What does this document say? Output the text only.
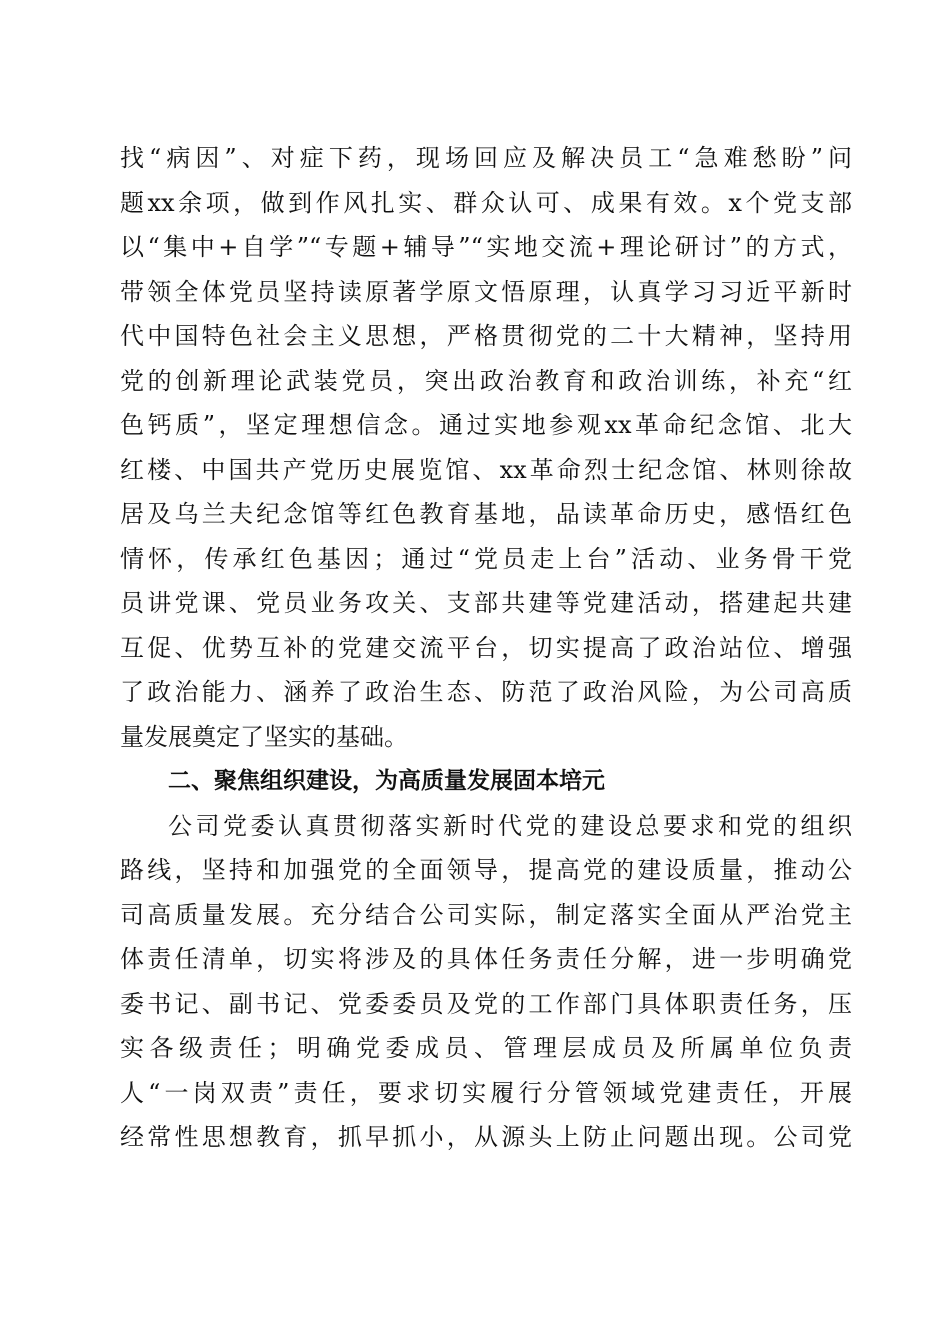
找“病因”、对症下药，现场回应及解决员工“急难愁盼”问
题xx余项，做到作风扎实、群众认可、成果有效。x个党支部
以“集中+自学”“专题+辅导”“实地交流+理论研讨”的方式，
带领全体党员坚持读原著学原文悟原理，认真学习习近平新时
代中国特色社会主义思想，严格贯彻党的二十大精神，坚持用
党的创新理论武装党员，突出政治教育和政治训练，补充“红
色钙质”，坚定理想信念。通过实地参观xx革命纪念馆、北大
红楼、中国共产党历史展览馆、xx革命烈士纪念馆、林则徐故
居及乌兰夫纪念馆等红色教育基地，品读革命历史，感悟红色
情怀，传承红色基因；通过“党员走上台”活动、业务骨干党
员讲党课、党员业务攻关、支部共建等党建活动，搭建起共建
互促、优势互补的党建交流平台，切实提高了政治站位、增强
了政治能力、涵养了政治生态、防范了政治风险，为公司高质
量发展奠定了坚实的基础。
二、聚焦组织建设，为高质量发展固本培元
公司党委认真贯彻落实新时代党的建设总要求和党的组织
路线，坚持和加强党的全面领导，提高党的建设质量，推动公
司高质量发展。充分结合公司实际，制定落实全面从严治党主
体责任清单，切实将涉及的具体任务责任分解，进一步明确党
委书记、副书记、党委委员及党的工作部门具体职责任务，压
实各级责任；明确党委成员、管理层成员及所属单位负责
人“一岗双责”责任，要求切实履行分管领域党建责任，开展
经常性思想教育，抓早抓小，从源头上防止问题出现。公司党
